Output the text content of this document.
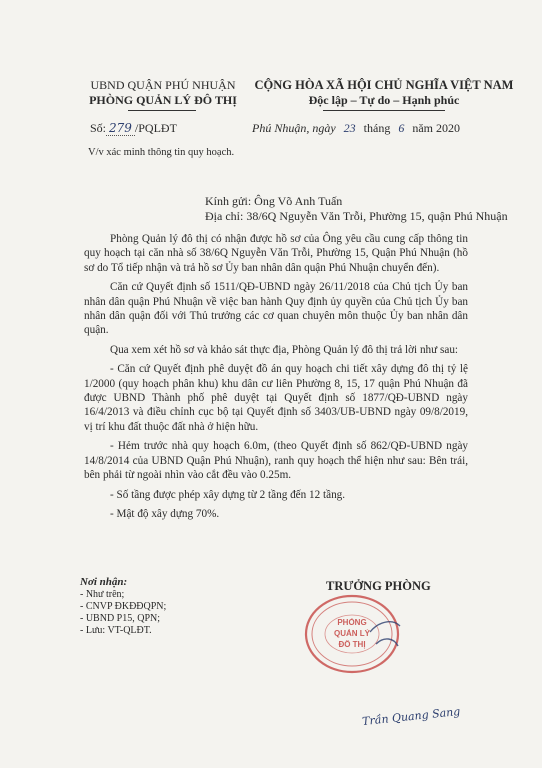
UBND QUẬN PHÚ NHUẬN
PHÒNG QUẢN LÝ ĐÔ THỊ
CỘNG HÒA XÃ HỘI CHỦ NGHĨA VIỆT NAM
Độc lập – Tự do – Hạnh phúc
Số: 279 /PQLĐT	Phú Nhuận, ngày 23 tháng 6 năm 2020
V/v xác minh thông tin quy hoạch.
Kính gửi: Ông Võ Anh Tuấn
Địa chỉ: 38/6Q Nguyễn Văn Trỗi, Phường 15, quận Phú Nhuận

Phòng Quản lý đô thị có nhận được hồ sơ của Ông yêu cầu cung cấp thông tin quy hoạch tại căn nhà số 38/6Q Nguyễn Văn Trỗi, Phường 15, Quận Phú Nhuận (hồ sơ do Tổ tiếp nhận và trả hồ sơ Ủy ban nhân dân quận Phú Nhuận chuyển đến).

Căn cứ Quyết định số 1511/QĐ-UBND ngày 26/11/2018 của Chủ tịch Ủy ban nhân dân quận Phú Nhuận về việc ban hành Quy định ủy quyền của Chủ tịch Ủy ban nhân dân quận đối với Thủ trưởng các cơ quan chuyên môn thuộc Ủy ban nhân dân quận.

Qua xem xét hồ sơ và khảo sát thực địa, Phòng Quản lý đô thị trả lời như sau:

- Căn cứ Quyết định phê duyệt đồ án quy hoạch chi tiết xây dựng đô thị tỷ lệ 1/2000 (quy hoạch phân khu) khu dân cư liên Phường 8, 15, 17 quận Phú Nhuận đã được UBND Thành phố phê duyệt tại Quyết định số 1877/QĐ-UBND ngày 16/4/2013 và điều chỉnh cục bộ tại Quyết định số 3403/UB-UBND ngày 09/8/2019, vị trí khu đất thuộc đất nhà ở hiện hữu.

- Hẻm trước nhà quy hoạch 6.0m, (theo Quyết định số 862/QĐ-UBND ngày 14/8/2014 của UBND Quận Phú Nhuận), ranh quy hoạch thể hiện như sau: Bên trái, bên phải từ ngoài nhìn vào cắt đều vào 0.25m.

- Số tầng được phép xây dựng từ 2 tầng đến 12 tầng.

- Mật độ xây dựng 70%.

Nơi nhận:
- Như trên;
- CNVP ĐKĐĐQPN;
- UBND P15, QPN;
- Lưu: VT-QLĐT.
TRƯỞNG PHÒNG
PHÒNG
QUẢN LÝ
ĐÔ THỊ
Trần Quang Sang
